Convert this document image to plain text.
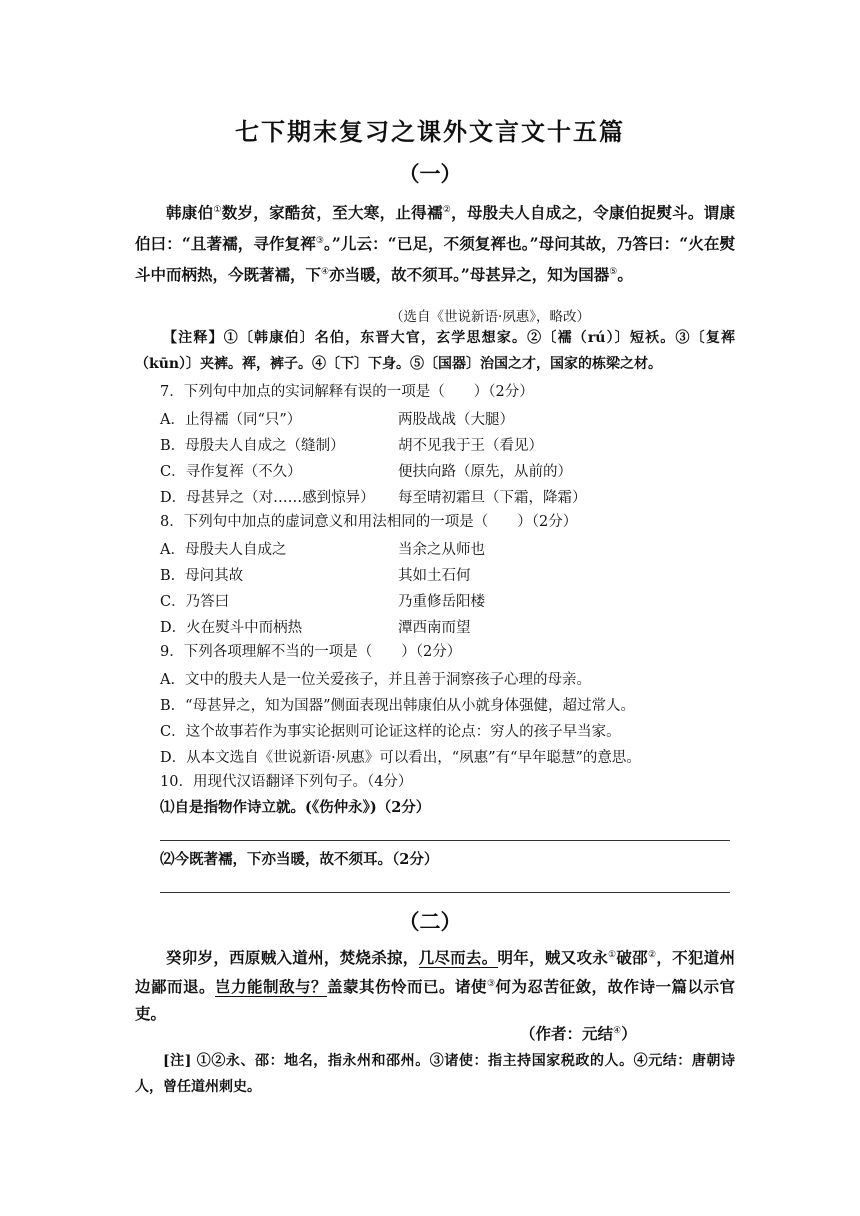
七下期末复习之课外文言文十五篇
（一）
韩康伯①数岁，家酷贫，至大寒，止得襦②，母殷夫人自成之，令康伯捉熨斗。谓康伯曰：“且著襦，寻作复裈③。”儿云：“已足，不须复裈也。”母问其故，乃答曰：“火在熨斗中而柄热，今既著襦，下④亦当暖，故不须耳。”母甚异之，知为国器⑤。
（选自《世说新语·夙惠》，略改）
【注释】①〔韩康伯〕名伯，东晋大官，玄学思想家。②〔襦（rú）〕短袄。③〔复裈（kūn）〕夹裤。裈，裤子。④〔下〕下身。⑤〔国器〕治国之才，国家的栋梁之材。
7．下列句中加点的实词解释有误的一项是（　　）（2分）
A．止得襦（同“只”）	两股战战（大腿）
B．母殷夫人自成之（缝制）	胡不见我于王（看见）
C．寻作复裈（不久）	便扶向路（原先，从前的）
D．母甚异之（对……感到惊异） 每至晴初霜旦（下霜，降霜）
8．下列句中加点的虚词意义和用法相同的一项是（　　）（2分）
A．母殷夫人自成之	当余之从师也
B．母问其故	其如土石何
C．乃答曰	乃重修岳阳楼
D．火在熨斗中而柄热	潭西南而望
9．下列各项理解不当的一项是（　　）（2分）
A．文中的殷夫人是一位关爱孩子，并且善于洞察孩子心理的母亲。
B．“母甚异之，知为国器”侧面表现出韩康伯从小就身体强健，超过常人。
C．这个故事若作为事实论据则可论证这样的论点：穷人的孩子早当家。
D．从本文选自《世说新语·夙惠》可以看出，“夙惠”有“早年聪慧”的意思。
10．用现代汉语翻译下列句子。（4分）
⑴自是指物作诗立就。(《伤仲永》)（2分）
⑵今既著襦，下亦当暖，故不须耳。（2分）
（二）
癸卯岁，西原贼入道州，焚烧杀掠，几尽而去。明年，贼又攻永①破邵②，不犯道州边鄙而退。岂力能制敌与？盖蒙其伤怜而已。诸使③何为忍苦征敛，故作诗一篇以示官吏。
（作者：元结④）
[注] ①②永、邵：地名，指永州和邵州。③诸使：指主持国家税政的人。④元结：唐朝诗人，曾任道州刺史。
